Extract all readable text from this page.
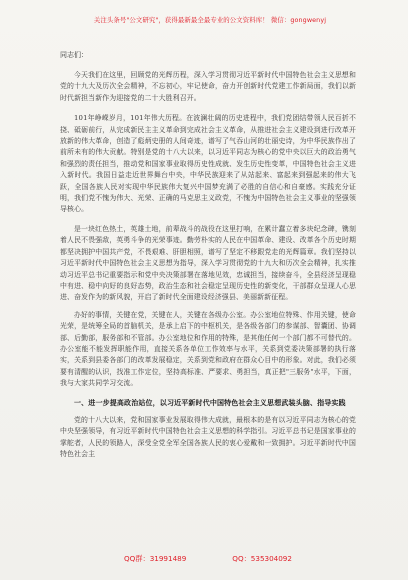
关注头条号"公文研究"，获得最新最全最专业的公文资料库！ 微信：gongwenyj
同志们：

今天我们在这里，回顾党的光辉历程，深入学习贯彻习近平新时代中国特色社会主义思想和党的十九大及历次全会精神，不忘初心，牢记使命，奋力开创新时代党建工作新局面，我们以新时代新担当新作为迎接党的二十大胜利召开。

101年峥嵘岁月，101年伟大历程。在波澜壮阔的历史进程中，我们党团结带领人民百折不挠、砥砺前行，从完成新民主主义革命到完成社会主义革命，从推进社会主义建设到进行改革开放新的伟大革命，创造了彪炳史册的人间奇迹，谱写了气吞山河的壮丽史诗，为中华民族作出了前所未有的伟大贡献。特别是党的十八大以来，以习近平同志为核心的党中央以巨大的政治勇气和强烈的责任担当，推动党和国家事业取得历史性成就、发生历史性变革，中国特色社会主义进入新时代。我国日益走近世界舞台中央，中华民族迎来了从站起来、富起来到强起来的伟大飞跃，全国各族人民对实现中华民族伟大复兴中国梦充满了必胜的自信心和自豪感。实践充分证明，我们党不愧为伟大、光荣、正确的马克思主义政党，不愧为中国特色社会主义事业的坚强领导核心。

是一块红色热土，英雄土地，前辈战斗的战役在这里打响，在累计蠢立着多块纪念碑，镌刻着人民不畏强敌，英勇斗争的光荣事迹。勤劳朴实的人民在中国革命、建设、改革各个历史时期都坚决拥护中国共产党，不畏艰难、肝胆相照，谱写了坚定不移跟党走的光辉篇章。我们坚持以习近平新时代中国特色社会主义思想为指导，深入学习贯彻党的十九大和历次全会精神，扎实推动习近平总书记重要指示和党中央决策部署在落地见效，忠诚担当，接续奋斗，全县经济呈现稳中有进、稳中向好的良好态势，政治生态和社会稳定呈现历史性的新变化，干部群众呈现人心思进、奋发作为的新风貌，开启了新时代全面建设经济强县、美丽新新征程。

办好的事情，关键在党，关键在人，关键在各级办公室。办公室地位特殊、作用关键，使命光荣，是统筹全局的首脑机关，是承上启下的中枢机关，是各级各部门的参谋部、智囊团、协调部、后勤部，服务部和不管部。办公室地位和作用的特殊，是其他任何一个部门都不可替代的。办公室能不能发挥职能作用，直接关系各单位工作效率与水平，关系到党委决策部署的执行落实，关系到县委各部门的改革发展稳定，关系到党和政府在群众心目中的形象。对此，我们必须要有清醒的认识，找准工作定位，坚持高标准、严要求、勇担当，真正把"三服务"水平，下面，我与大家共同学习交流。

一、进一步提高政治站位，以习近平新时代中国特色社会主义思想武装头脑、指导实践

党的十八大以来，党和国家事业发展取得伟大成就，最根本的是有以习近平同志为核心的党中央坚强领导，有习近平新时代中国特色社会主义思想的科学指引。习近平总书记是国家事业的掌舵者，人民的领路人，深受全党全军全国各族人民的衷心爱戴和一致拥护。习近平新时代中国特色社会主

QQ群：31991489	QQ：535304092
